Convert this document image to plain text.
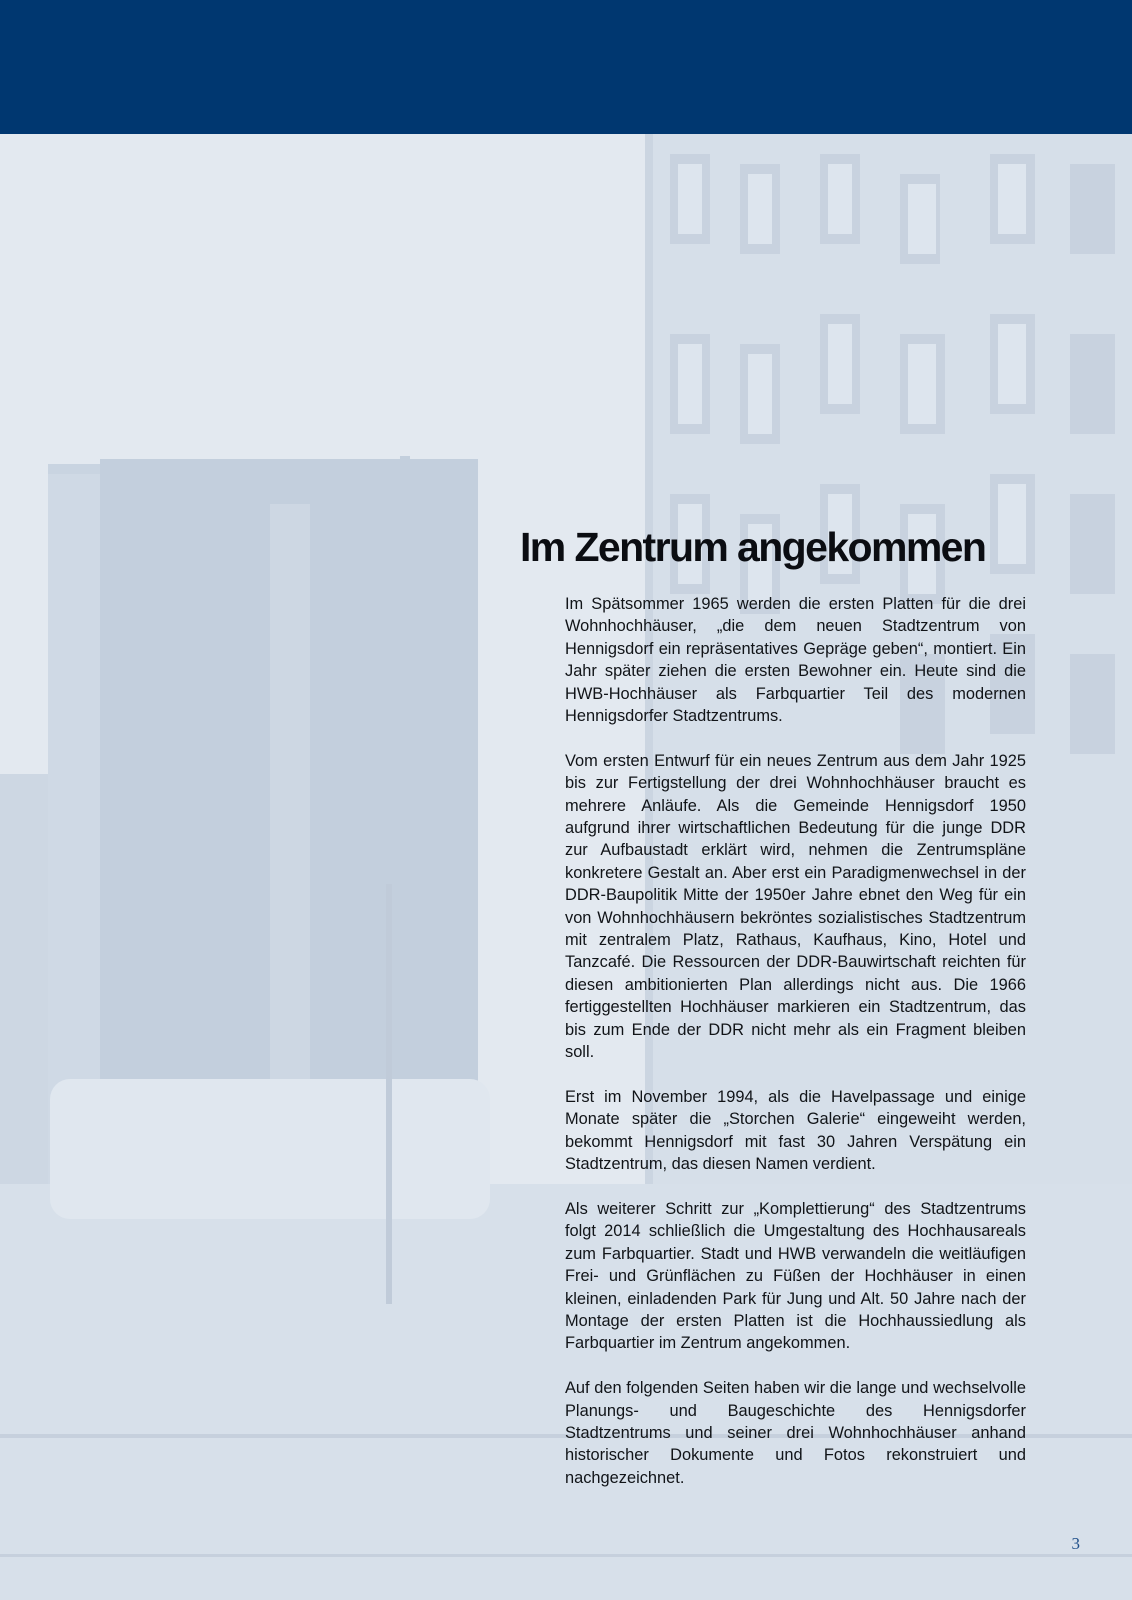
Im Zentrum angekommen

Im Spätsommer 1965 werden die ersten Platten für die drei Wohnhochhäuser, „die dem neuen Stadtzentrum von Hennigsdorf ein repräsentatives Gepräge geben“, montiert. Ein Jahr später ziehen die ersten Bewohner ein. Heute sind die HWB-Hochhäuser als Farbquartier Teil des modernen Hennigsdorfer Stadtzentrums.

Vom ersten Entwurf für ein neues Zentrum aus dem Jahr 1925 bis zur Fertigstellung der drei Wohnhochhäuser braucht es mehrere Anläufe. Als die Gemeinde Hennigsdorf 1950 aufgrund ihrer wirtschaftlichen Bedeutung für die junge DDR zur Aufbaustadt erklärt wird, nehmen die Zentrumspläne konkretere Gestalt an. Aber erst ein Paradigmenwechsel in der DDR-Baupolitik Mitte der 1950er Jahre ebnet den Weg für ein von Wohnhochhäusern bekröntes sozialistisches Stadtzentrum mit zentralem Platz, Rathaus, Kaufhaus, Kino, Hotel und Tanzcafé. Die Ressourcen der DDR-Bauwirtschaft reichten für diesen ambitionierten Plan allerdings nicht aus. Die 1966 fertiggestellten Hochhäuser markieren ein Stadtzentrum, das bis zum Ende der DDR nicht mehr als ein Fragment bleiben soll.

Erst im November 1994, als die Havelpassage und einige Monate später die „Storchen Galerie“ eingeweiht werden, bekommt Hennigsdorf mit fast 30 Jahren Verspätung ein Stadtzentrum, das diesen Namen verdient.

Als weiterer Schritt zur „Komplettierung“ des Stadtzentrums folgt 2014 schließlich die Umgestaltung des Hochhausareals zum Farbquartier. Stadt und HWB verwandeln die weitläufigen Frei- und Grünflächen zu Füßen der Hochhäuser in einen kleinen, einladenden Park für Jung und Alt. 50 Jahre nach der Montage der ersten Platten ist die Hochhaussiedlung als Farbquartier im Zentrum angekommen.

Auf den folgenden Seiten haben wir die lange und wechselvolle Planungs- und Baugeschichte des Hennigsdorfer Stadtzentrums und seiner drei Wohnhochhäuser anhand historischer Dokumente und Fotos rekonstruiert und nachgezeichnet.

3
